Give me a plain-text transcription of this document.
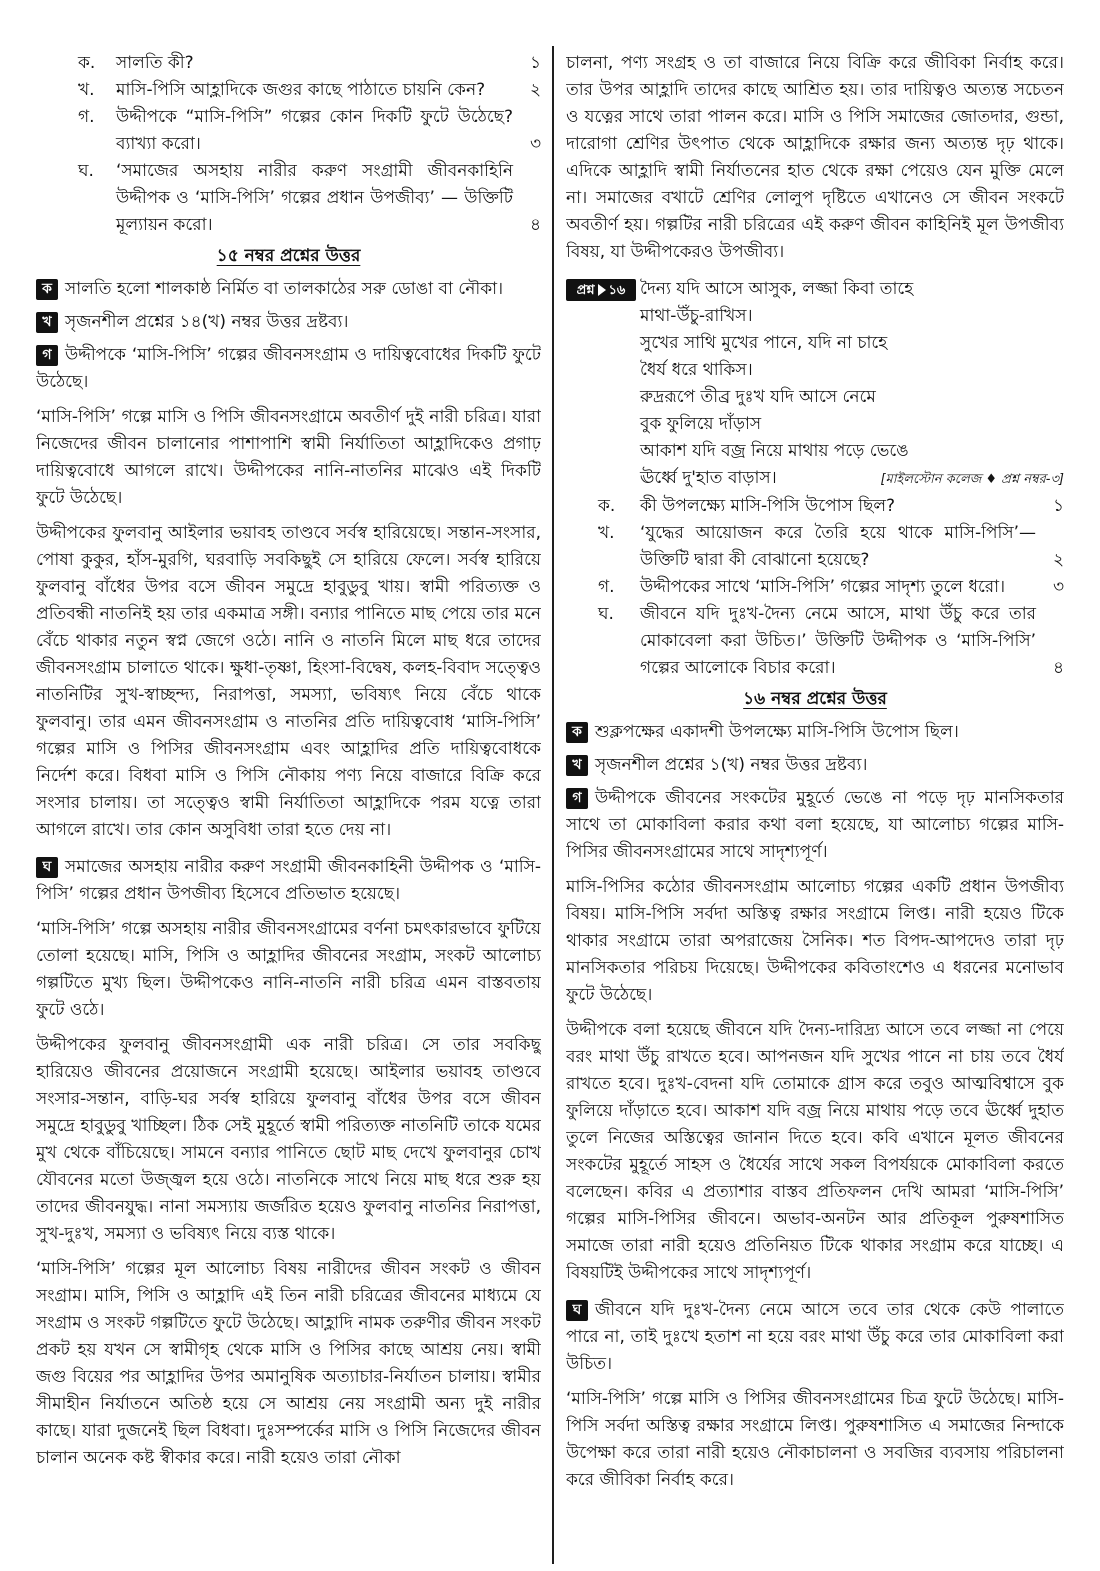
ক.	সালতি কী?	১
খ.	মাসি-পিসি আহ্লাদিকে জগুর কাছে পাঠাতে চায়নি কেন?	২
গ.	উদ্দীপকে “মাসি-পিসি” গল্পের কোন দিকটি ফুটে উঠেছে? ব্যাখ্যা করো।	৩
ঘ.	‘সমাজের অসহায় নারীর করুণ সংগ্রামী জীবনকাহিনি উদ্দীপক ও ‘মাসি-পিসি’ গল্পের প্রধান উপজীব্য’ — উক্তিটি মূল্যায়ন করো।	৪
১৫ নম্বর প্রশ্নের উত্তর

ক সালতি হলো শালকাষ্ঠ নির্মিত বা তালকাঠের সরু ডোঙা বা নৌকা।

খ সৃজনশীল প্রশ্নের ১৪(খ) নম্বর উত্তর দ্রষ্টব্য।

গ উদ্দীপকে ‘মাসি-পিসি’ গল্পের জীবনসংগ্রাম ও দায়িত্ববোধের দিকটি ফুটে উঠেছে।

‘মাসি-পিসি’ গল্পে মাসি ও পিসি জীবনসংগ্রামে অবতীর্ণ দুই নারী চরিত্র। যারা নিজেদের জীবন চালানোর পাশাপাশি স্বামী নির্যাতিতা আহ্লাদিকেও প্রগাঢ় দায়িত্ববোধে আগলে রাখে। উদ্দীপকের নানি-নাতনির মাঝেও এই দিকটি ফুটে উঠেছে।

উদ্দীপকের ফুলবানু আইলার ভয়াবহ তাণ্ডবে সর্বস্ব হারিয়েছে। সন্তান-সংসার, পোষা কুকুর, হাঁস-মুরগি, ঘরবাড়ি সবকিছুই সে হারিয়ে ফেলে। সর্বস্ব হারিয়ে ফুলবানু বাঁধের উপর বসে জীবন সমুদ্রে হাবুডুবু খায়। স্বামী পরিত্যক্ত ও প্রতিবন্ধী নাতনিই হয় তার একমাত্র সঙ্গী। বন্যার পানিতে মাছ পেয়ে তার মনে বেঁচে থাকার নতুন স্বপ্ন জেগে ওঠে। নানি ও নাতনি মিলে মাছ ধরে তাদের জীবনসংগ্রাম চালাতে থাকে। ক্ষুধা-তৃষ্ণা, হিংসা-বিদ্বেষ, কলহ-বিবাদ সত্ত্বেও নাতনিটির সুখ-স্বাচ্ছন্দ্য, নিরাপত্তা, সমস্যা, ভবিষ্যৎ নিয়ে বেঁচে থাকে ফুলবানু। তার এমন জীবনসংগ্রাম ও নাতনির প্রতি দায়িত্ববোধ ‘মাসি-পিসি’ গল্পের মাসি ও পিসির জীবনসংগ্রাম এবং আহ্লাদির প্রতি দায়িত্ববোধকে নির্দেশ করে। বিধবা মাসি ও পিসি নৌকায় পণ্য নিয়ে বাজারে বিক্রি করে সংসার চালায়। তা সত্ত্বেও স্বামী নির্যাতিতা আহ্লাদিকে পরম যত্নে তারা আগলে রাখে। তার কোন অসুবিধা তারা হতে দেয় না।

ঘ সমাজের অসহায় নারীর করুণ সংগ্রামী জীবনকাহিনী উদ্দীপক ও ‘মাসি-পিসি’ গল্পের প্রধান উপজীব্য হিসেবে প্রতিভাত হয়েছে।

‘মাসি-পিসি’ গল্পে অসহায় নারীর জীবনসংগ্রামের বর্ণনা চমৎকারভাবে ফুটিয়ে তোলা হয়েছে। মাসি, পিসি ও আহ্লাদির জীবনের সংগ্রাম, সংকট আলোচ্য গল্পটিতে মুখ্য ছিল। উদ্দীপকেও নানি-নাতনি নারী চরিত্র এমন বাস্তবতায় ফুটে ওঠে।

উদ্দীপকের ফুলবানু জীবনসংগ্রামী এক নারী চরিত্র। সে তার সবকিছু হারিয়েও জীবনের প্রয়োজনে সংগ্রামী হয়েছে। আইলার ভয়াবহ তাণ্ডবে সংসার-সন্তান, বাড়ি-ঘর সর্বস্ব হারিয়ে ফুলবানু বাঁধের উপর বসে জীবন সমুদ্রে হাবুডুবু খাচ্ছিল। ঠিক সেই মুহূর্তে স্বামী পরিত্যক্ত নাতনিটি তাকে যমের মুখ থেকে বাঁচিয়েছে। সামনে বন্যার পানিতে ছোট মাছ দেখে ফুলবানুর চোখ যৌবনের মতো উজ্জ্বল হয়ে ওঠে। নাতনিকে সাথে নিয়ে মাছ ধরে শুরু হয় তাদের জীবনযুদ্ধ। নানা সমস্যায় জর্জরিত হয়েও ফুলবানু নাতনির নিরাপত্তা, সুখ-দুঃখ, সমস্যা ও ভবিষ্যৎ নিয়ে ব্যস্ত থাকে।

‘মাসি-পিসি’ গল্পের মূল আলোচ্য বিষয় নারীদের জীবন সংকট ও জীবন সংগ্রাম। মাসি, পিসি ও আহ্লাদি এই তিন নারী চরিত্রের জীবনের মাধ্যমে যে সংগ্রাম ও সংকট গল্পটিতে ফুটে উঠেছে। আহ্লাদি নামক তরুণীর জীবন সংকট প্রকট হয় যখন সে স্বামীগৃহ থেকে মাসি ও পিসির কাছে আশ্রয় নেয়। স্বামী জগু বিয়ের পর আহ্লাদির উপর অমানুষিক অত্যাচার-নির্যাতন চালায়। স্বামীর সীমাহীন নির্যাতনে অতিষ্ঠ হয়ে সে আশ্রয় নেয় সংগ্রামী অন্য দুই নারীর কাছে। যারা দুজনেই ছিল বিধবা। দুঃসম্পর্কের মাসি ও পিসি নিজেদের জীবন চালান অনেক কষ্ট স্বীকার করে। নারী হয়েও তারা নৌকা

চালনা, পণ্য সংগ্রহ ও তা বাজারে নিয়ে বিক্রি করে জীবিকা নির্বাহ করে। তার উপর আহ্লাদি তাদের কাছে আশ্রিত হয়। তার দায়িত্বও অত্যন্ত সচেতন ও যত্নের সাথে তারা পালন করে। মাসি ও পিসি সমাজের জোতদার, গুন্ডা, দারোগা শ্রেণির উৎপাত থেকে আহ্লাদিকে রক্ষার জন্য অত্যন্ত দৃঢ় থাকে। এদিকে আহ্লাদি স্বামী নির্যাতনের হাত থেকে রক্ষা পেয়েও যেন মুক্তি মেলে না। সমাজের বখাটে শ্রেণির লোলুপ দৃষ্টিতে এখানেও সে জীবন সংকটে অবতীর্ণ হয়। গল্পটির নারী চরিত্রের এই করুণ জীবন কাহিনিই মূল উপজীব্য বিষয়, যা উদ্দীপকেরও উপজীব্য।

প্রশ্ন ১৬ দৈন্য যদি আসে আসুক, লজ্জা কিবা তাহে
মাথা-উঁচু-রাখিস।
সুখের সাথি মুখের পানে, যদি না চাহে
ধৈর্য ধরে থাকিস।
রুদ্ররূপে তীব্র দুঃখ যদি আসে নেমে
বুক ফুলিয়ে দাঁড়াস
আকাশ যদি বজ্র নিয়ে মাথায় পড়ে ভেঙে
ঊর্ধ্বে দু'হাত বাড়াস।	[মাইলস্টোন কলেজ ♦ প্রশ্ন নম্বর-৩]
ক.	কী উপলক্ষ্যে মাসি-পিসি উপোস ছিল?	১
খ.	‘যুদ্ধের আয়োজন করে তৈরি হয়ে থাকে মাসি-পিসি’— উক্তিটি দ্বারা কী বোঝানো হয়েছে?	২
গ.	উদ্দীপকের সাথে ‘মাসি-পিসি’ গল্পের সাদৃশ্য তুলে ধরো।	৩
ঘ.	জীবনে যদি দুঃখ-দৈন্য নেমে আসে, মাথা উঁচু করে তার মোকাবেলা করা উচিত।’ উক্তিটি উদ্দীপক ও ‘মাসি-পিসি’ গল্পের আলোকে বিচার করো।	৪
১৬ নম্বর প্রশ্নের উত্তর

ক শুক্লপক্ষের একাদশী উপলক্ষ্যে মাসি-পিসি উপোস ছিল।

খ সৃজনশীল প্রশ্নের ১(খ) নম্বর উত্তর দ্রষ্টব্য।

গ উদ্দীপকে জীবনের সংকটের মুহূর্তে ভেঙে না পড়ে দৃঢ় মানসিকতার সাথে তা মোকাবিলা করার কথা বলা হয়েছে, যা আলোচ্য গল্পের মাসি-পিসির জীবনসংগ্রামের সাথে সাদৃশ্যপূর্ণ।

মাসি-পিসির কঠোর জীবনসংগ্রাম আলোচ্য গল্পের একটি প্রধান উপজীব্য বিষয়। মাসি-পিসি সর্বদা অস্তিত্ব রক্ষার সংগ্রামে লিপ্ত। নারী হয়েও টিকে থাকার সংগ্রামে তারা অপরাজেয় সৈনিক। শত বিপদ-আপদেও তারা দৃঢ় মানসিকতার পরিচয় দিয়েছে। উদ্দীপকের কবিতাংশেও এ ধরনের মনোভাব ফুটে উঠেছে।

উদ্দীপকে বলা হয়েছে জীবনে যদি দৈন্য-দারিদ্র্য আসে তবে লজ্জা না পেয়ে বরং মাথা উঁচু রাখতে হবে। আপনজন যদি সুখের পানে না চায় তবে ধৈর্য রাখতে হবে। দুঃখ-বেদনা যদি তোমাকে গ্রাস করে তবুও আত্মবিশ্বাসে বুক ফুলিয়ে দাঁড়াতে হবে। আকাশ যদি বজ্র নিয়ে মাথায় পড়ে তবে ঊর্ধ্বে দুহাত তুলে নিজের অস্তিত্বের জানান দিতে হবে। কবি এখানে মূলত জীবনের সংকটের মুহূর্তে সাহস ও ধৈর্যের সাথে সকল বিপর্যয়কে মোকাবিলা করতে বলেছেন। কবির এ প্রত্যাশার বাস্তব প্রতিফলন দেখি আমরা ‘মাসি-পিসি’ গল্পের মাসি-পিসির জীবনে। অভাব-অনটন আর প্রতিকূল পুরুষশাসিত সমাজে তারা নারী হয়েও প্রতিনিয়ত টিকে থাকার সংগ্রাম করে যাচ্ছে। এ বিষয়টিই উদ্দীপকের সাথে সাদৃশ্যপূর্ণ।

ঘ জীবনে যদি দুঃখ-দৈন্য নেমে আসে তবে তার থেকে কেউ পালাতে পারে না, তাই দুঃখে হতাশ না হয়ে বরং মাথা উঁচু করে তার মোকাবিলা করা উচিত।

‘মাসি-পিসি’ গল্পে মাসি ও পিসির জীবনসংগ্রামের চিত্র ফুটে উঠেছে। মাসি-পিসি সর্বদা অস্তিত্ব রক্ষার সংগ্রামে লিপ্ত। পুরুষশাসিত এ সমাজের নিন্দাকে উপেক্ষা করে তারা নারী হয়েও নৌকাচালনা ও সবজির ব্যবসায় পরিচালনা করে জীবিকা নির্বাহ করে।
